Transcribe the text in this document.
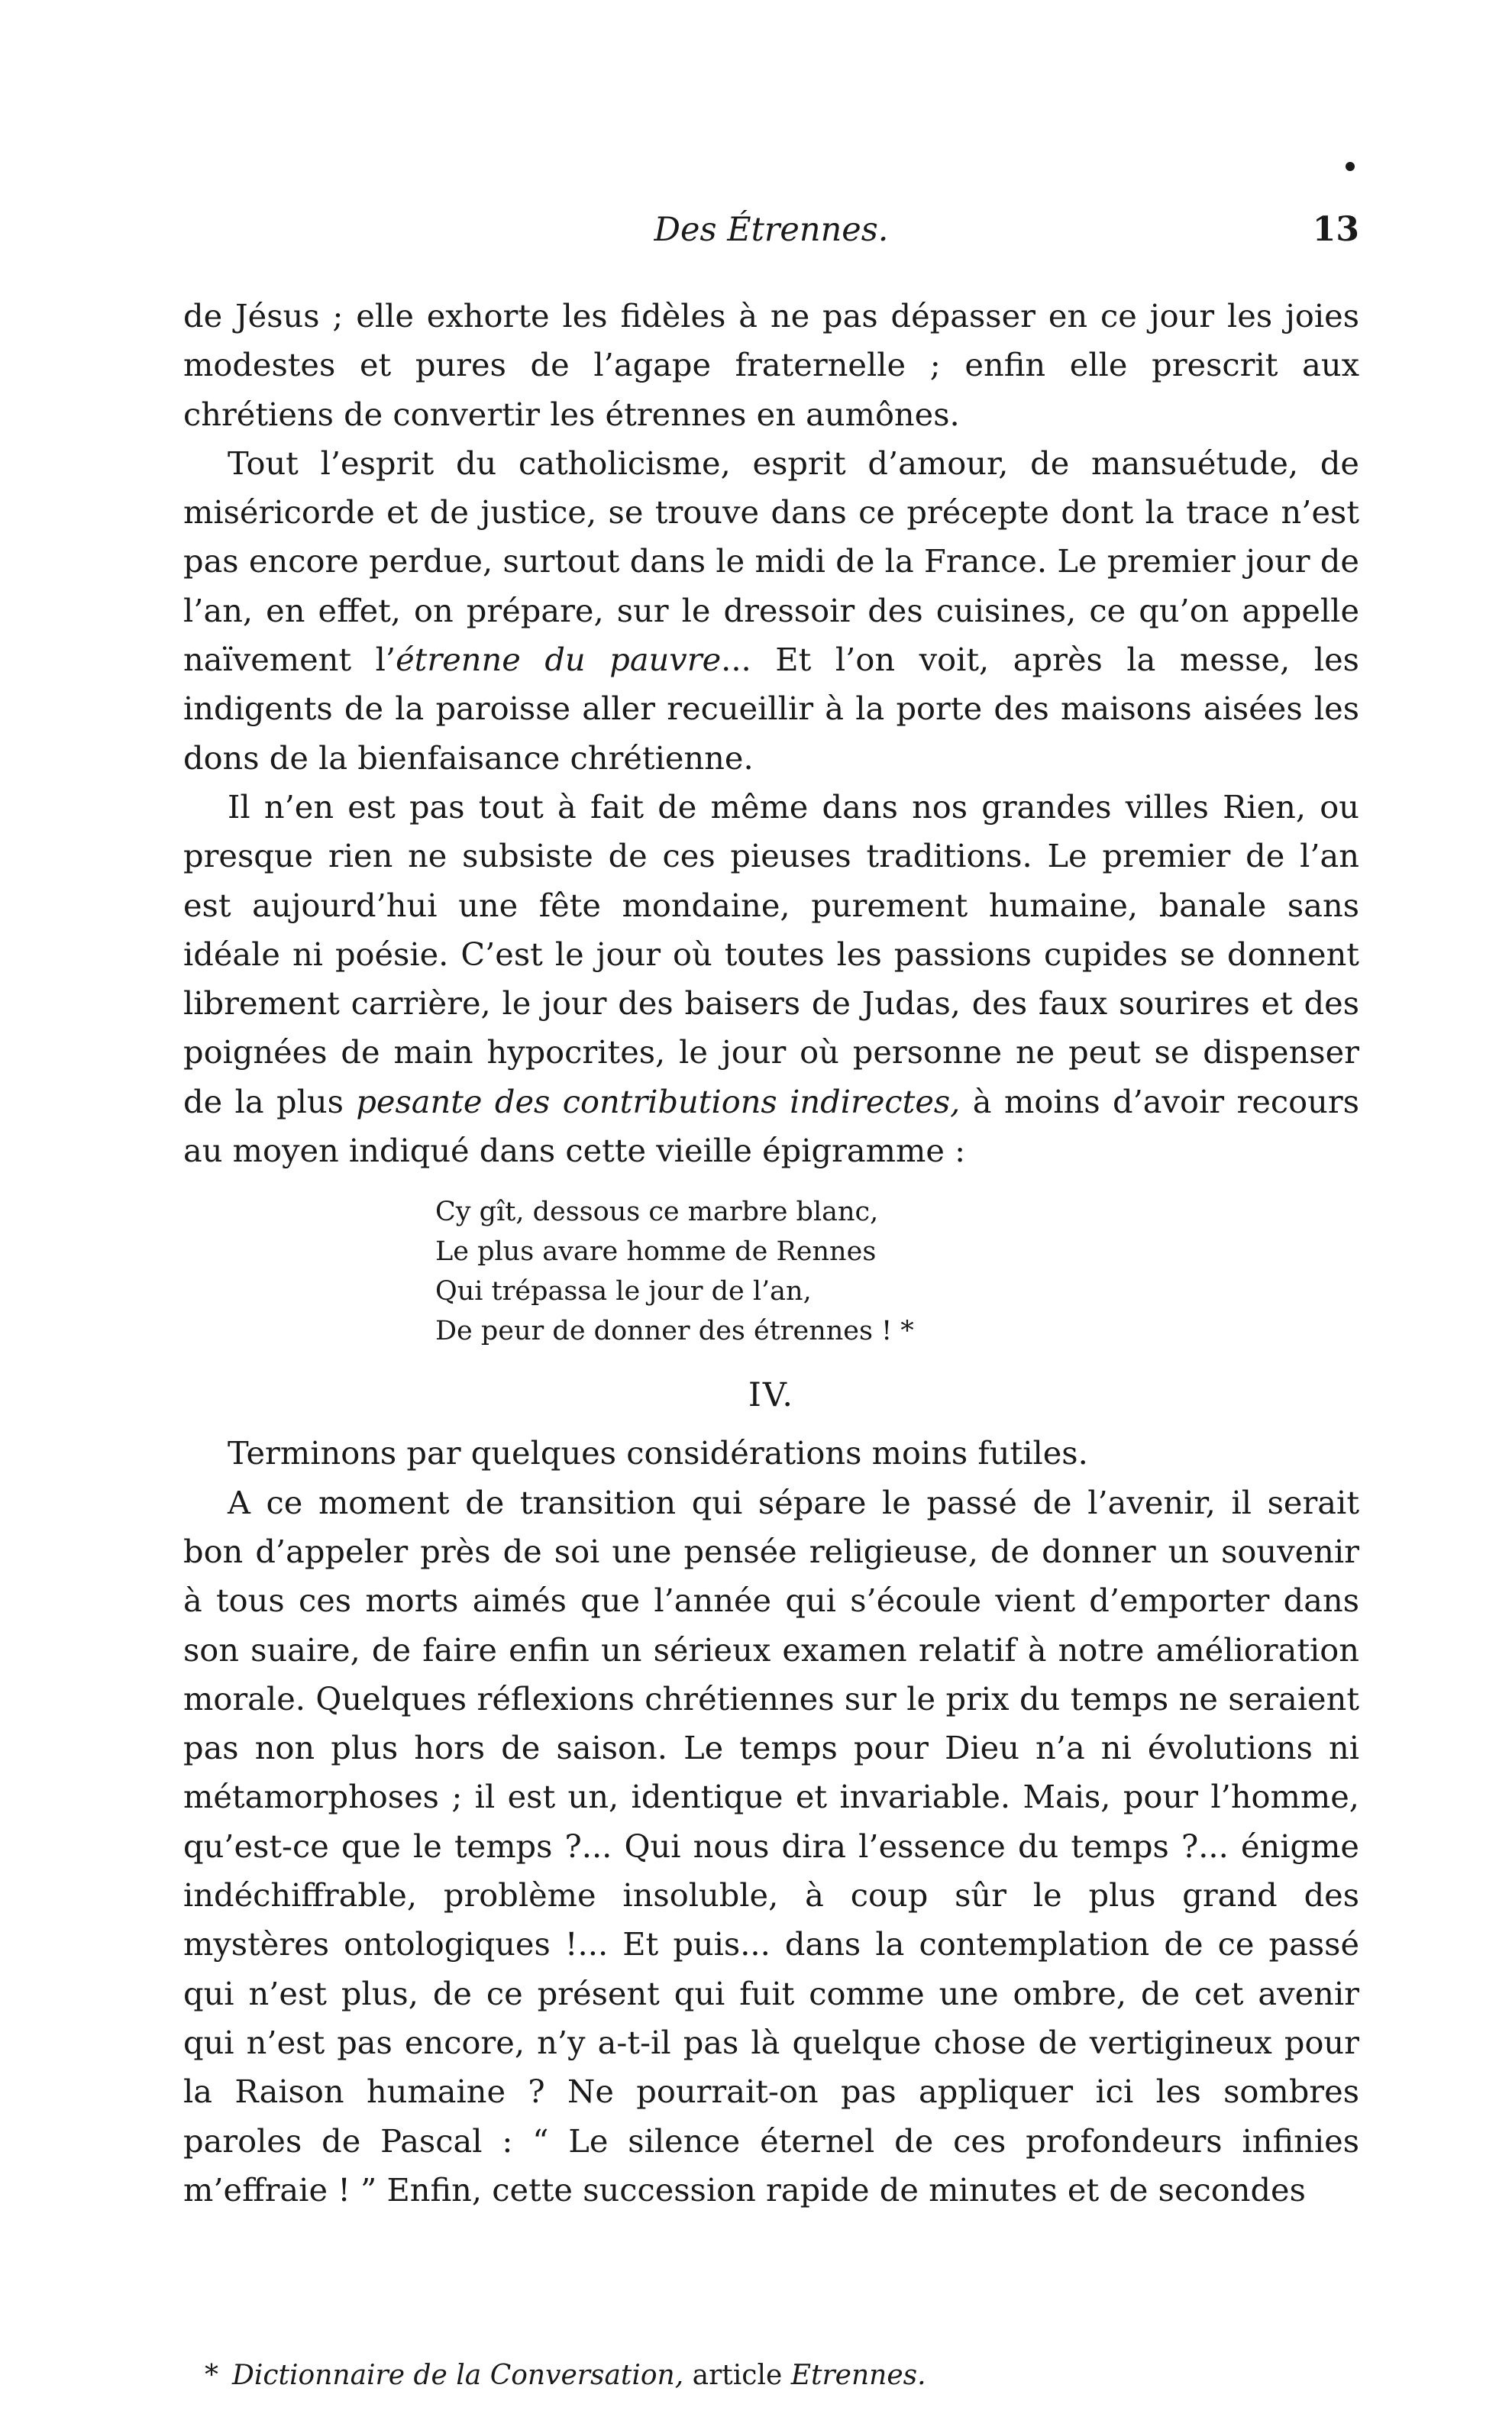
Des Étrennes.	13

de Jésus ; elle exhorte les fidèles à ne pas dépasser en ce jour les joies modestes et pures de l’agape fraternelle ; enfin elle prescrit aux chrétiens de convertir les étrennes en aumônes.

Tout l’esprit du catholicisme, esprit d’amour, de mansuétude, de miséricorde et de justice, se trouve dans ce précepte dont la trace n’est pas encore perdue, surtout dans le midi de la France. Le premier jour de l’an, en effet, on prépare, sur le dressoir des cuisines, ce qu’on appelle naïvement l’étrenne du pauvre... Et l’on voit, après la messe, les indigents de la paroisse aller recueillir à la porte des maisons aisées les dons de la bienfaisance chrétienne.

Il n’en est pas tout à fait de même dans nos grandes villes Rien, ou presque rien ne subsiste de ces pieuses traditions. Le premier de l’an est aujourd’hui une fête mondaine, purement humaine, banale sans idéale ni poésie. C’est le jour où toutes les passions cupides se donnent librement carrière, le jour des baisers de Judas, des faux sourires et des poignées de main hypocrites, le jour où personne ne peut se dispenser de la plus pesante des contributions indirectes, à moins d’avoir recours au moyen indiqué dans cette vieille épigramme :

Cy gît, dessous ce marbre blanc,
Le plus avare homme de Rennes
Qui trépassa le jour de l’an,
De peur de donner des étrennes ! *
IV.

Terminons par quelques considérations moins futiles.

A ce moment de transition qui sépare le passé de l’avenir, il serait bon d’appeler près de soi une pensée religieuse, de donner un souvenir à tous ces morts aimés que l’année qui s’écoule vient d’emporter dans son suaire, de faire enfin un sérieux examen relatif à notre amélioration morale. Quelques réflexions chrétiennes sur le prix du temps ne seraient pas non plus hors de saison. Le temps pour Dieu n’a ni évolutions ni métamorphoses ; il est un, identique et invariable. Mais, pour l’homme, qu’est-ce que le temps ?... Qui nous dira l’essence du temps ?... énigme indéchiffrable, problème insoluble, à coup sûr le plus grand des mystères ontologiques !... Et puis... dans la contemplation de ce passé qui n’est plus, de ce présent qui fuit comme une ombre, de cet avenir qui n’est pas encore, n’y a-t-il pas là quelque chose de vertigineux pour la Raison humaine ? Ne pourrait-on pas appliquer ici les sombres paroles de Pascal : “ Le silence éternel de ces profondeurs infinies m’effraie ! ” Enfin, cette succession rapide de minutes et de secondes

* Dictionnaire de la Conversation, article Etrennes.
